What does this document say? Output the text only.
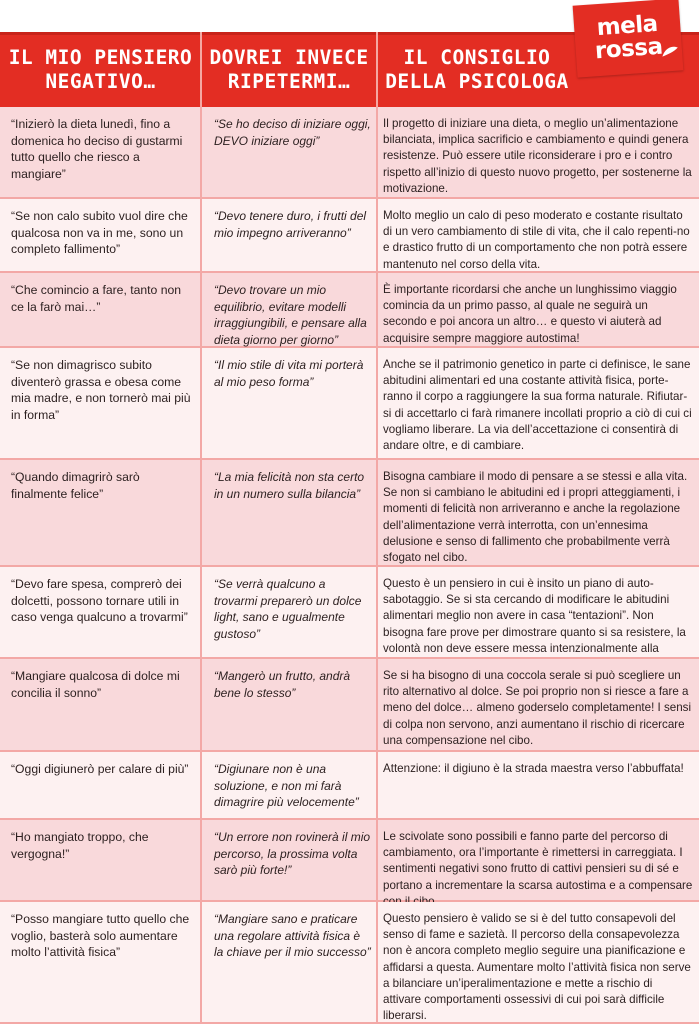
IL MIO PENSIERO NEGATIVO…
DOVREI INVECE RIPETERMI…
IL CONSIGLIO DELLA PSICOLOGA
mela
rossa
“Inizierò la dieta lunedì, fino a domenica ho deciso di gustarmi tutto quello che riesco a mangiare”
“Se ho deciso di iniziare oggi, DEVO iniziare oggi”
Il progetto di iniziare una dieta, o meglio un’alimentazione bilanciata, implica sacrificio e cambiamento e quindi genera resistenze. Può essere utile riconsiderare i pro e i contro rispetto all’inizio di questo nuovo progetto, per sostenerne la motivazione.
“Se non calo subito vuol dire che qualcosa non va in me, sono un completo fallimento”
“Devo tenere duro, i frutti del mio impegno arriveranno”
Molto meglio un calo di peso moderato e costante risultato di un vero cambiamento di stile di vita, che il calo repenti-no e drastico frutto di un comportamento che non potrà essere mantenuto nel corso della vita.
“Che comincio a fare, tanto non ce la farò mai…”
“Devo trovare un mio equilibrio, evitare modelli irraggiungibili, e pensare alla dieta giorno per giorno”
È importante ricordarsi che anche un lunghissimo viaggio comincia da un primo passo, al quale ne seguirà un secondo e poi ancora un altro… e questo vi aiuterà ad acquisire sempre maggiore autostima!
“Se non dimagrisco subito diventerò grassa e obesa come mia madre, e non tornerò mai più in forma”
“Il mio stile di vita mi porterà al mio peso forma”
Anche se il patrimonio genetico in parte ci definisce, le sane abitudini alimentari ed una costante attività fisica, porte-ranno il corpo a raggiungere la sua forma naturale. Rifiutar-si di accettarlo ci farà rimanere incollati proprio a ciò di cui ci vogliamo liberare. La via dell’accettazione ci consentirà di andare oltre, e di cambiare.
“Quando dimagrirò sarò finalmente felice”
“La mia felicità non sta certo in un numero sulla bilancia”
Bisogna cambiare il modo di pensare a se stessi e alla vita. Se non si cambiano le abitudini ed i propri atteggiamenti, i momenti di felicità non arriveranno e anche la regolazione dell’alimentazione verrà interrotta, con un’ennesima delusione e senso di fallimento che probabilmente verrà sfogato nel cibo.
“Devo fare spesa, comprerò dei dolcetti, possono tornare utili in caso venga qualcuno a trovarmi”
“Se verrà qualcuno a trovarmi preparerò un dolce light, sano e ugualmente gustoso”
Questo è un pensiero in cui è insito un piano di auto-sabotaggio. Se si sta cercando di modificare le abitudini alimentari meglio non avere in casa “tentazioni”. Non bisogna fare prove per dimostrare quanto si sa resistere, la volontà non deve essere messa intenzionalmente alla
“Mangiare qualcosa di dolce mi concilia il sonno”
“Mangerò un frutto, andrà bene lo stesso”
Se si ha bisogno di una coccola serale si può scegliere un rito alternativo al dolce. Se poi proprio non si riesce a fare a meno del dolce… almeno goderselo completamente! I sensi di colpa non servono, anzi aumentano il rischio di ricercare una compensazione nel cibo.
“Oggi digiunerò per calare di più”	“Digiunare non è una soluzione, e non mi farà dimagrire più velocemente”
Attenzione: il digiuno è la strada maestra verso l’abbuffata!
“Ho mangiato troppo, che vergogna!”
“Un errore non rovinerà il mio percorso, la prossima volta sarò più forte!”
Le scivolate sono possibili e fanno parte del percorso di cambiamento, ora l’importante è rimettersi in carreggiata. I sentimenti negativi sono frutto di cattivi pensieri su di sé e portano a incrementare la scarsa autostima e a compensare
“Posso mangiare tutto quello che voglio, basterà solo aumentare molto l’attività fisica”
“Mangiare sano e praticare una regolare attività fisica è la chiave per il mio successo”
Questo pensiero è valido se si è del tutto consapevoli del senso di fame e sazietà. Il percorso della consapevolezza non è ancora completo meglio seguire una pianificazione e affidarsi a questa. Aumentare molto l’attività fisica non serve a bilanciare un’iperalimentazione e mette a rischio di attivare comportamenti ossessivi di cui poi sarà difficile liberarsi.
